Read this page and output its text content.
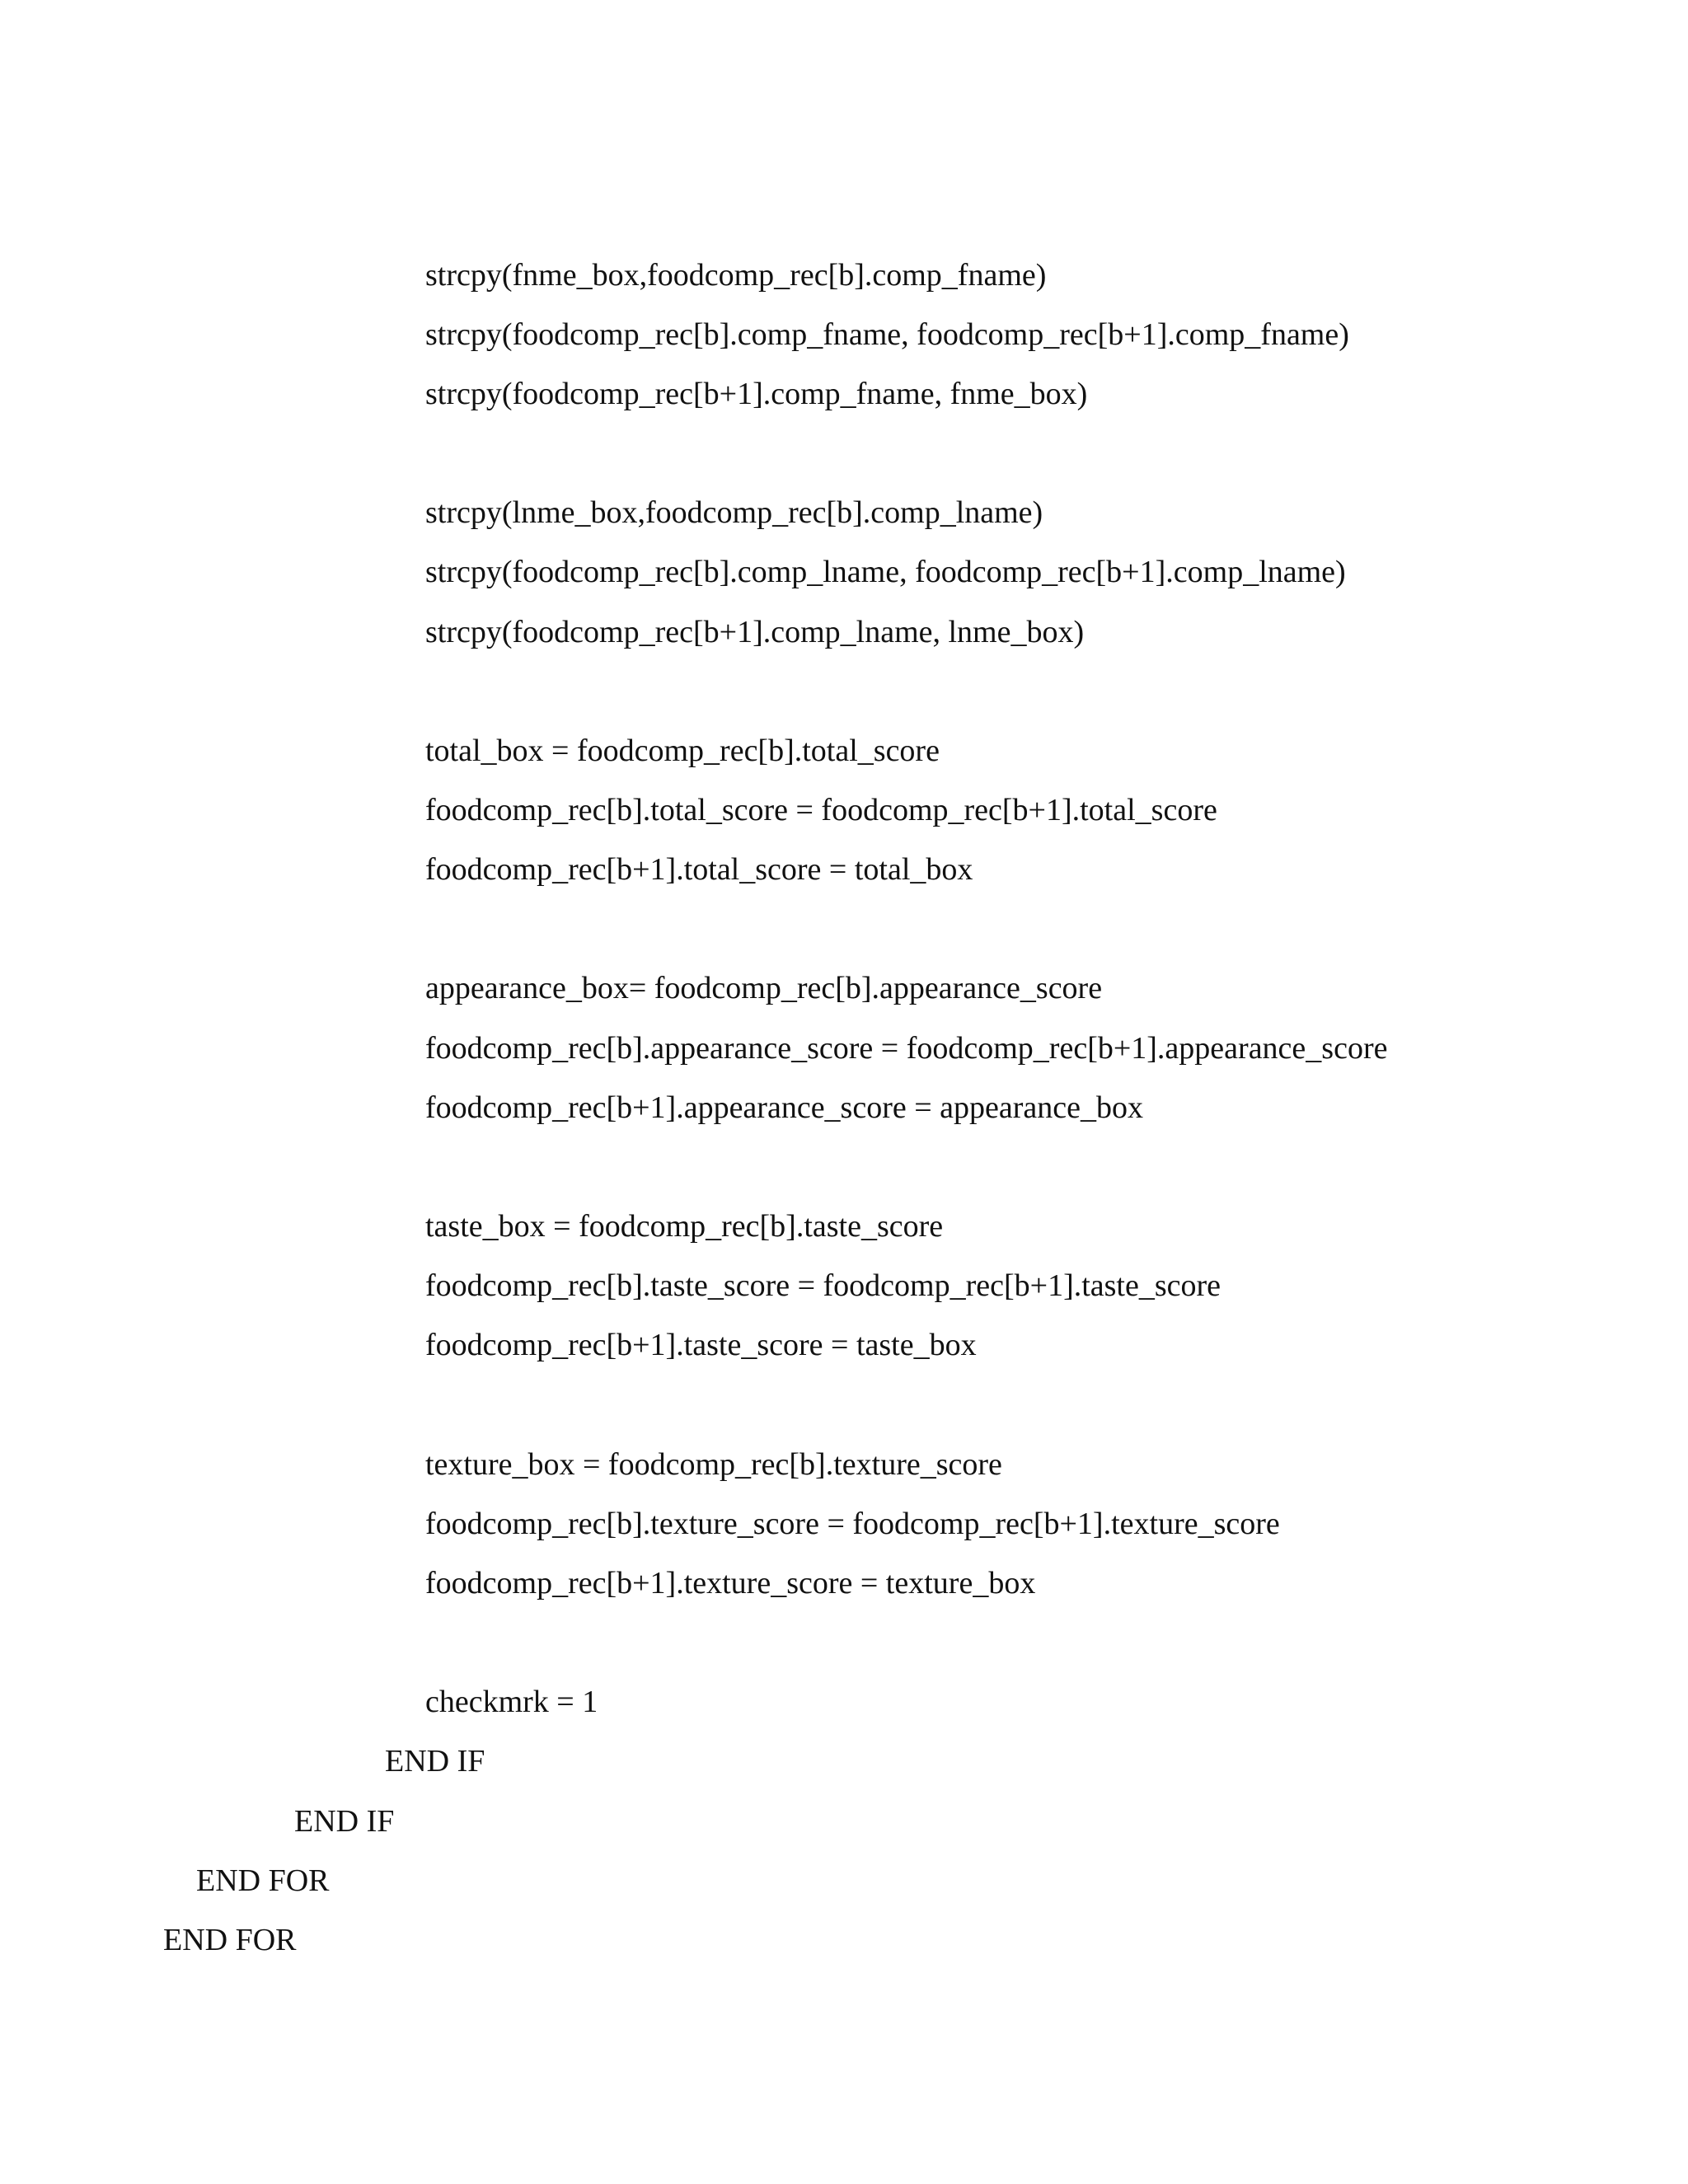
strcpy(fnme_box,foodcomp_rec[b].comp_fname)

strcpy(foodcomp_rec[b].comp_fname, foodcomp_rec[b+1].comp_fname)

strcpy(foodcomp_rec[b+1].comp_fname, fnme_box)

strcpy(lnme_box,foodcomp_rec[b].comp_lname)

strcpy(foodcomp_rec[b].comp_lname, foodcomp_rec[b+1].comp_lname)

strcpy(foodcomp_rec[b+1].comp_lname, lnme_box)

total_box = foodcomp_rec[b].total_score

foodcomp_rec[b].total_score = foodcomp_rec[b+1].total_score

foodcomp_rec[b+1].total_score = total_box

appearance_box= foodcomp_rec[b].appearance_score

foodcomp_rec[b].appearance_score = foodcomp_rec[b+1].appearance_score

foodcomp_rec[b+1].appearance_score = appearance_box

taste_box = foodcomp_rec[b].taste_score

foodcomp_rec[b].taste_score = foodcomp_rec[b+1].taste_score

foodcomp_rec[b+1].taste_score = taste_box

texture_box = foodcomp_rec[b].texture_score

foodcomp_rec[b].texture_score = foodcomp_rec[b+1].texture_score

foodcomp_rec[b+1].texture_score = texture_box

checkmrk = 1

END IF

END IF

END FOR

END FOR
